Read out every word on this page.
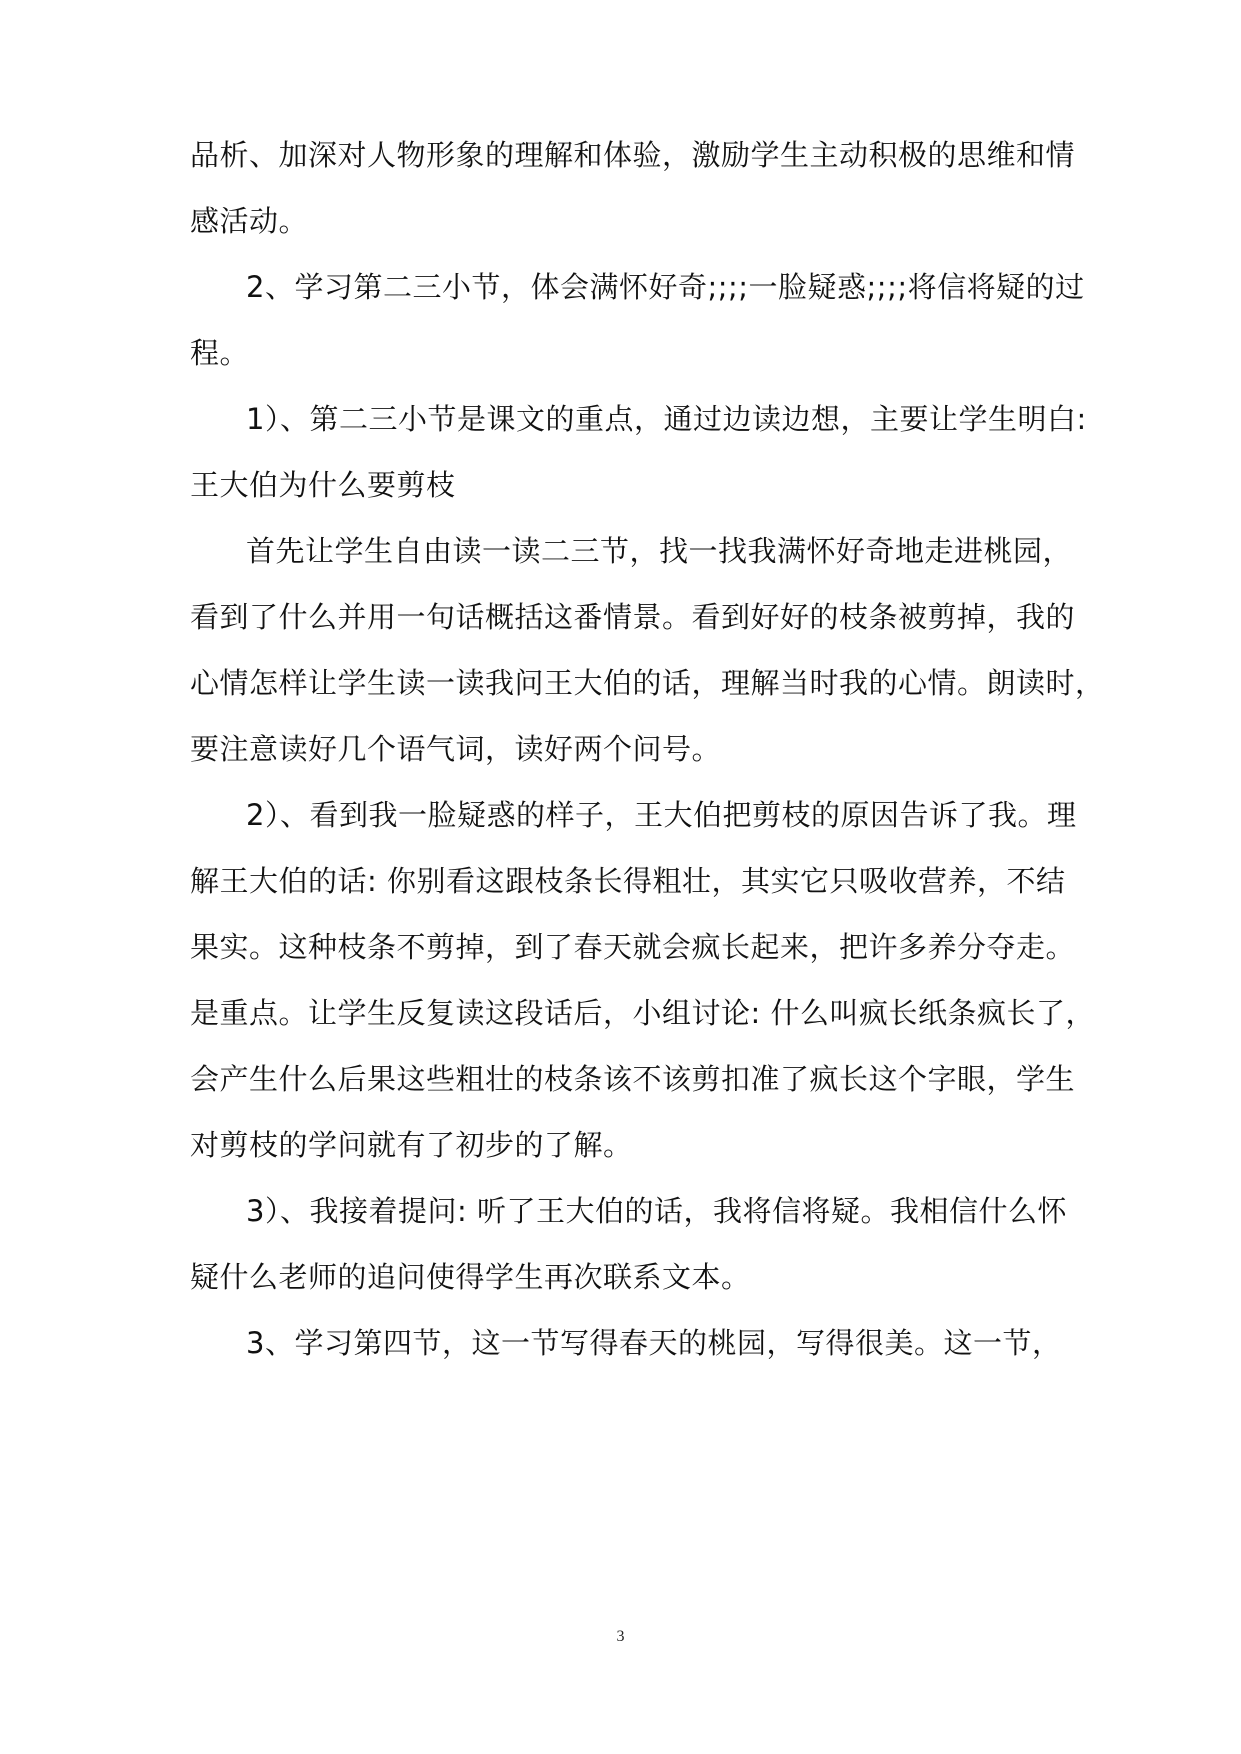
品析、加深对人物形象的理解和体验，激励学生主动积极的思维和情
感活动。
2、学习第二三小节，体会满怀好奇;;;;一脸疑惑;;;;将信将疑的过
程。
1）、第二三小节是课文的重点，通过边读边想，主要让学生明白:
王大伯为什么要剪枝
首先让学生自由读一读二三节，找一找我满怀好奇地走进桃园，
看到了什么并用一句话概括这番情景。看到好好的枝条被剪掉，我的
心情怎样让学生读一读我问王大伯的话，理解当时我的心情。朗读时，
要注意读好几个语气词，读好两个问号。
2）、看到我一脸疑惑的样子，王大伯把剪枝的原因告诉了我。理
解王大伯的话: 你别看这跟枝条长得粗壮，其实它只吸收营养，不结
果实。这种枝条不剪掉，到了春天就会疯长起来，把许多养分夺走。
是重点。让学生反复读这段话后，小组讨论: 什么叫疯长纸条疯长了，
会产生什么后果这些粗壮的枝条该不该剪扣准了疯长这个字眼，学生
对剪枝的学问就有了初步的了解。
3）、我接着提问: 听了王大伯的话，我将信将疑。我相信什么怀
疑什么老师的追问使得学生再次联系文本。
3、学习第四节，这一节写得春天的桃园，写得很美。这一节，
3
